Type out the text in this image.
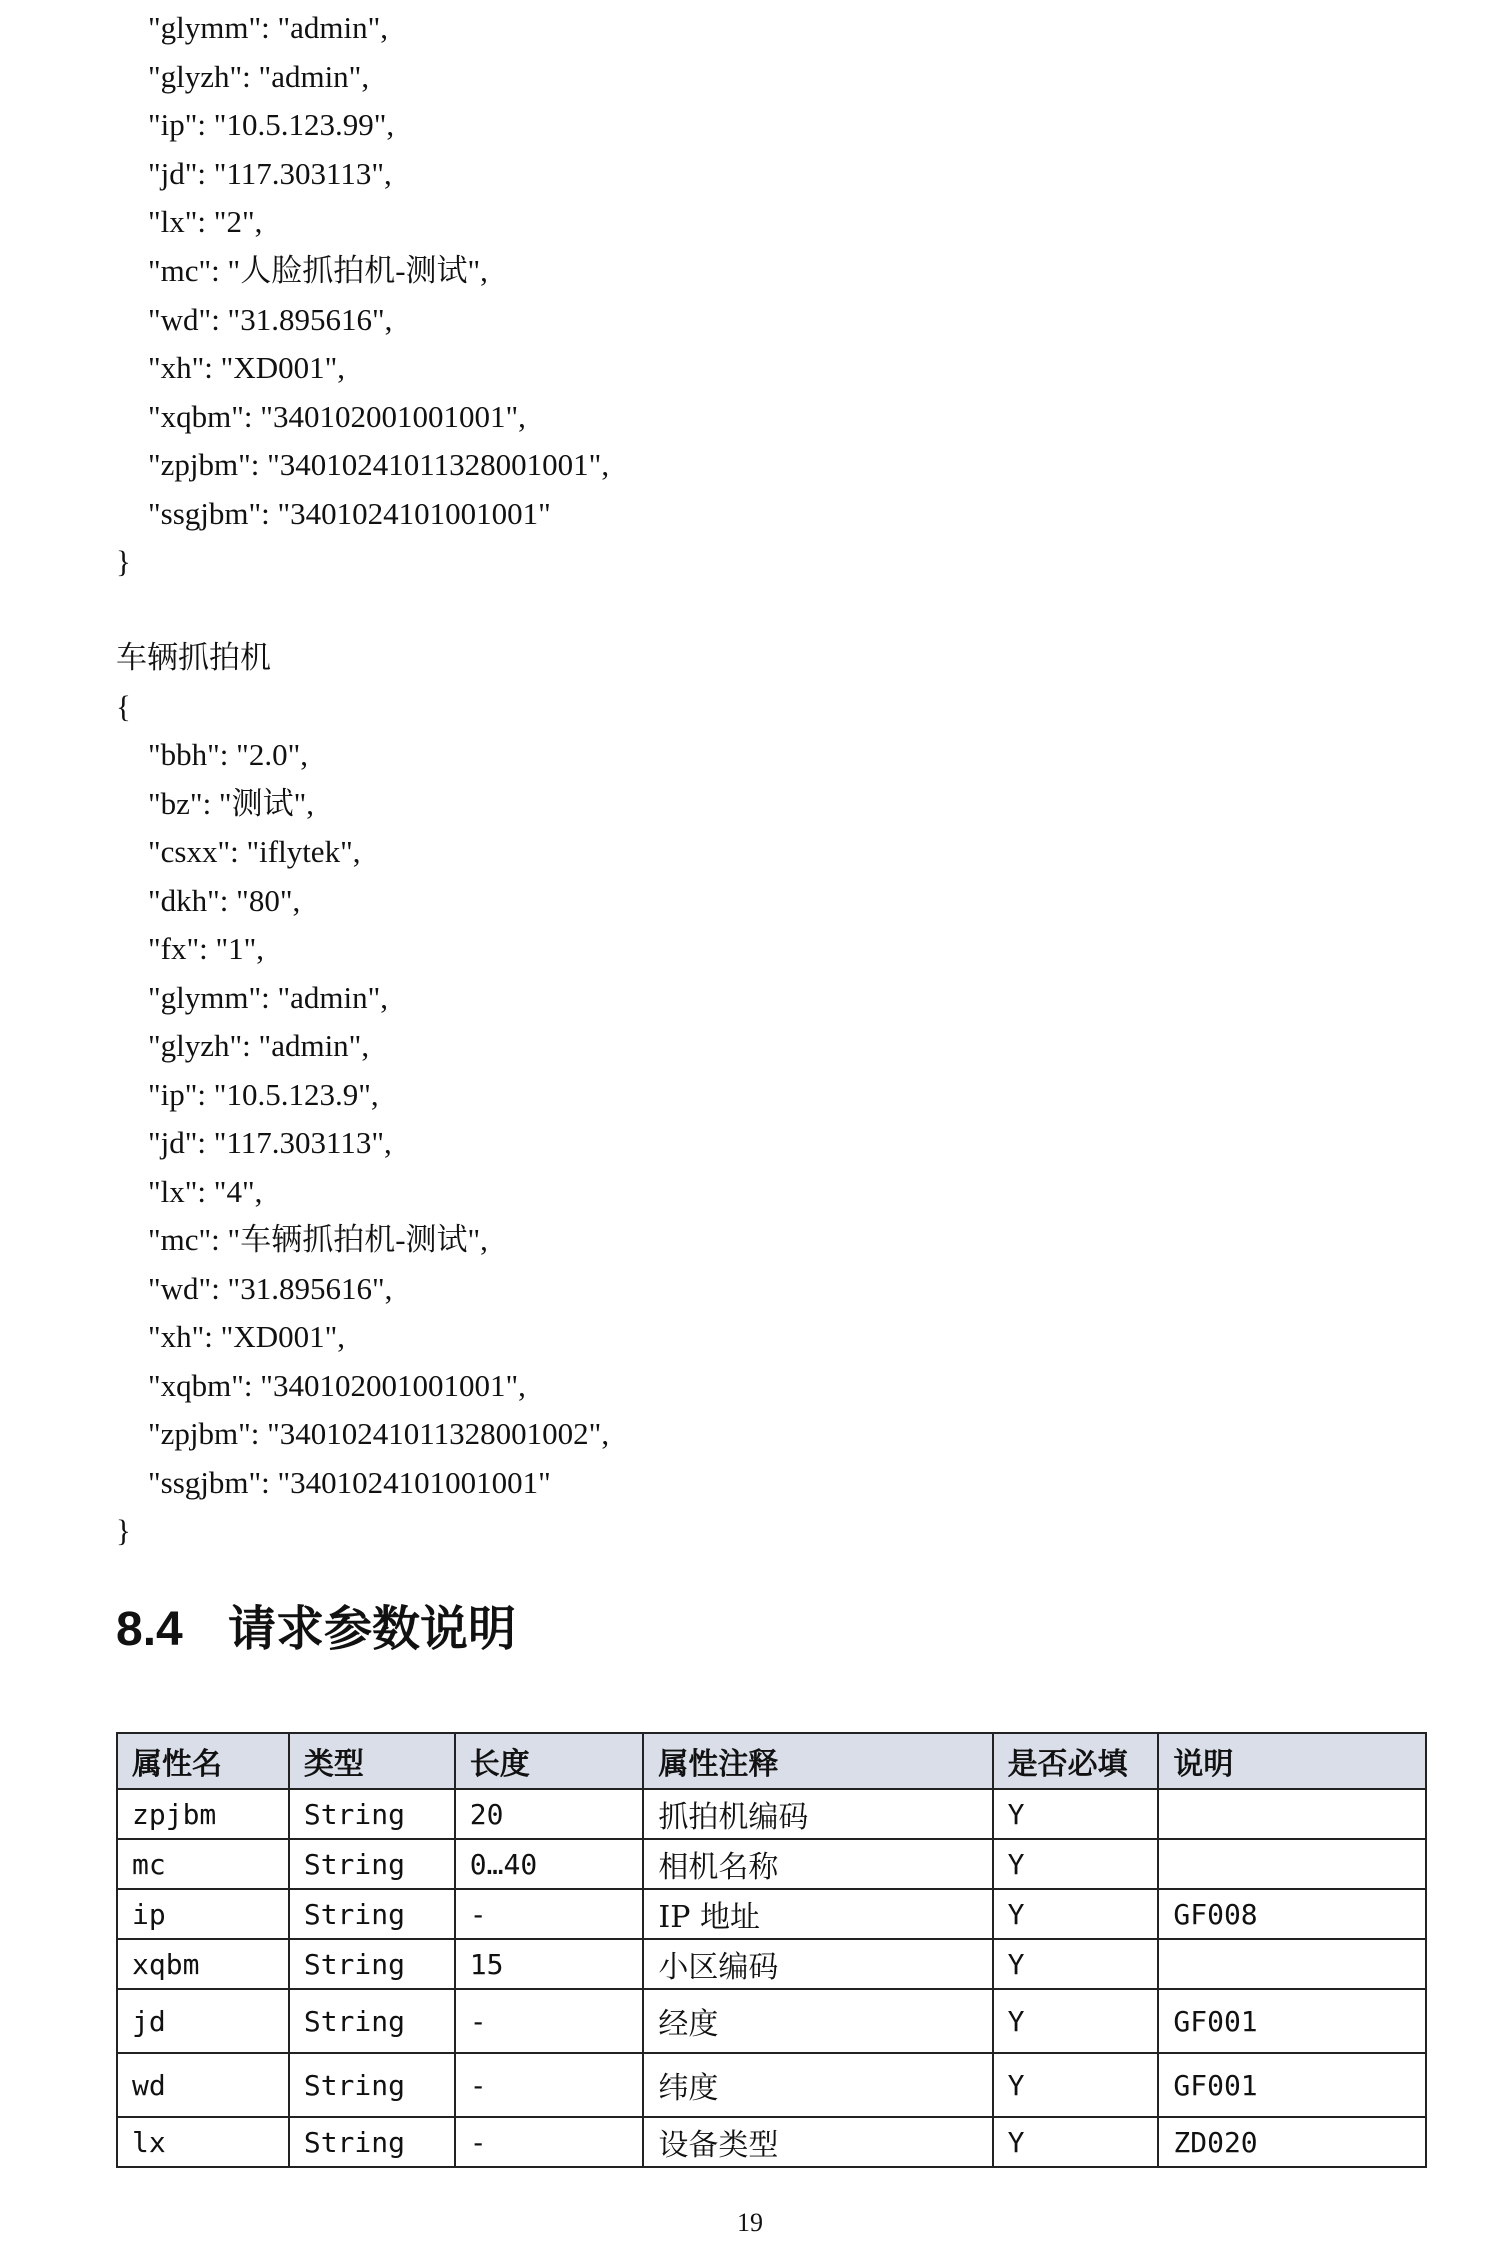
"glymm": "admin",
"glyzh": "admin",
"ip": "10.5.123.99",
"jd": "117.303113",
"lx": "2",
"mc": "人脸抓拍机-测试",
"wd": "31.895616",
"xh": "XD001",
"xqbm": "340102001001001",
"zpjbm": "34010241011328001001",
"ssgjbm": "3401024101001001"
}
车辆抓拍机
{
"bbh": "2.0",
"bz": "测试",
"csxx": "iflytek",
"dkh": "80",
"fx": "1",
"glymm": "admin",
"glyzh": "admin",
"ip": "10.5.123.9",
"jd": "117.303113",
"lx": "4",
"mc": "车辆抓拍机-测试",
"wd": "31.895616",
"xh": "XD001",
"xqbm": "340102001001001",
"zpjbm": "34010241011328001002",
"ssgjbm": "3401024101001001"
}
8.4 请求参数说明
属性名	类型	长度	属性注释	是否必填	说明
zpjbm	String	20	抓拍机编码	Y	
mc	String	0…40	相机名称	Y	
ip	String	-	IP 地址	Y	GF008
xqbm	String	15	小区编码	Y	
jd	String	-	经度	Y	GF001
wd	String	-	纬度	Y	GF001
lx	String	-	设备类型	Y	ZD020
19
